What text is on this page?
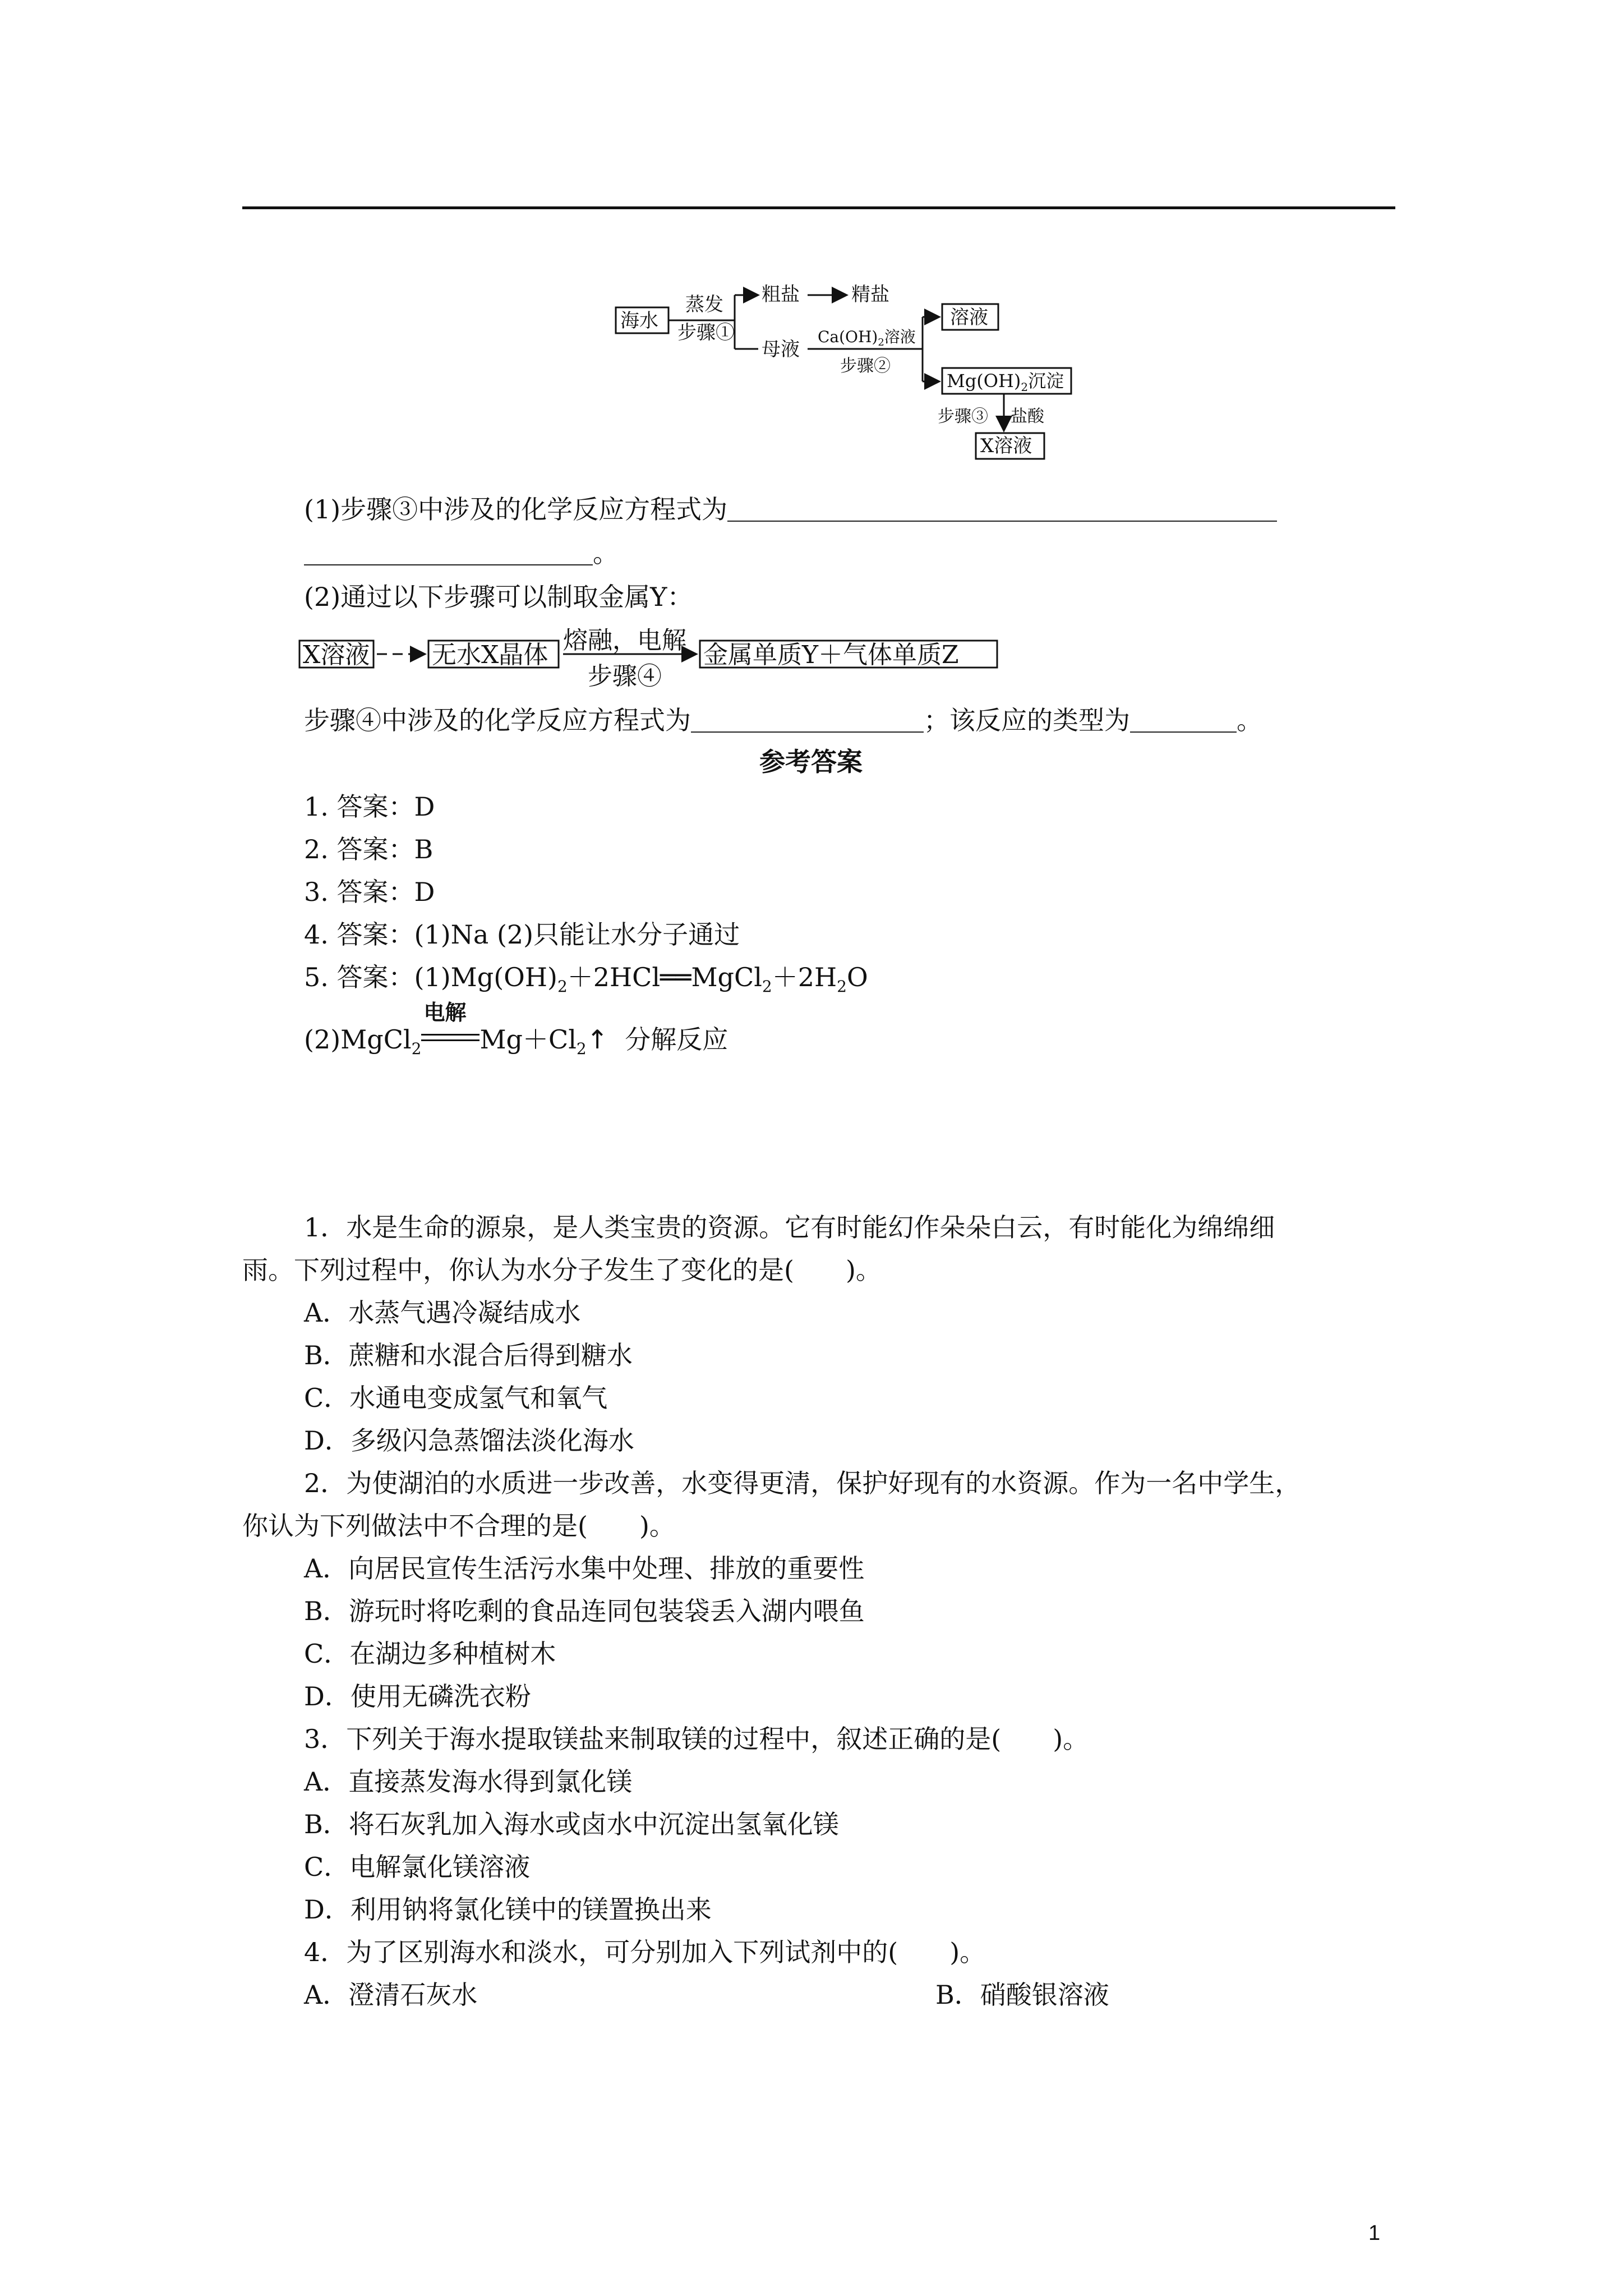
海水
蒸发
步骤①
粗盐	精盐
母液
$Ca(OH)_2$溶液
步骤②
溶液
$Mg(OH)_2$沉淀
步骤③ 盐酸
X溶液
(1)步骤③中涉及的化学反应方程式为
。
(2)通过以下步骤可以制取金属Y：
X溶液	无水X晶体
熔融，电解
步骤④
金属单质Y＋气体单质Z
步骤④中涉及的化学反应方程式为	；该反应的类型为	。
参考答案
1. 答案：D
2. 答案：B
3. 答案：D
4. 答案：(1)Na (2)只能让水分子通过
5. 答案：$(1)Mg(OH)_2+2HCl══MgCl_2+2H_2O$
(2)MgCl$_2$
电解
$Mg+Cl_2↑$ 分解反应
1．水是生命的源泉，是人类宝贵的资源。它有时能幻作朵朵白云，有时能化为绵绵细
雨。下列过程中，你认为水分子发生了变化的是(　　)。
A．水蒸气遇冷凝结成水
B．蔗糖和水混合后得到糖水
C．水通电变成氢气和氧气
D．多级闪急蒸馏法淡化海水
2．为使湖泊的水质进一步改善，水变得更清，保护好现有的水资源。作为一名中学生，
你认为下列做法中不合理的是(　　)。
A．向居民宣传生活污水集中处理、排放的重要性
B．游玩时将吃剩的食品连同包装袋丢入湖内喂鱼
C．在湖边多种植树木
D．使用无磷洗衣粉
3．下列关于海水提取镁盐来制取镁的过程中，叙述正确的是(　　)。
A．直接蒸发海水得到氯化镁
B．将石灰乳加入海水或卤水中沉淀出氢氧化镁
C．电解氯化镁溶液
D．利用钠将氯化镁中的镁置换出来
4．为了区别海水和淡水，可分别加入下列试剂中的(　　)。
A．澄清石灰水	B．硝酸银溶液
1
